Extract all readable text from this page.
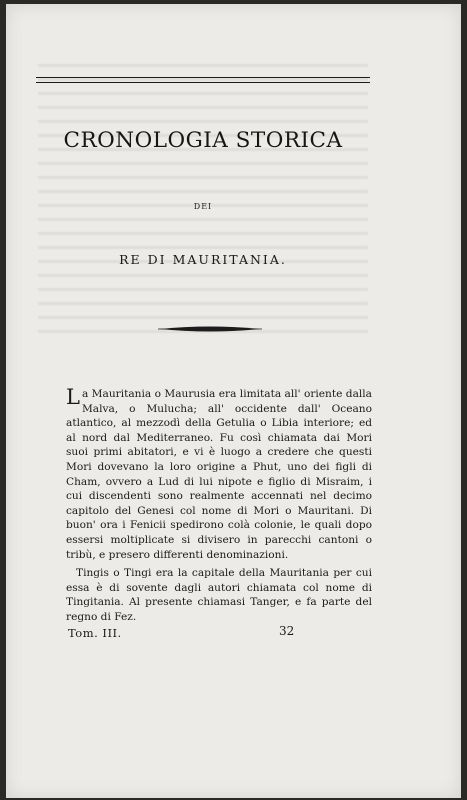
CRONOLOGIA STORICA
DEI
RE DI MAURITANIA.

La Mauritania o Maurusia era limitata all' oriente dalla Malva, o Mulucha; all' occidente dall' Oceano atlantico, al mezzodì della Getulia o Libia interiore; ed al nord dal Mediterraneo. Fu così chiamata dai Mori suoi primi abitatori, e vi è luogo a credere che questi Mori dovevano la loro origine a Phut, uno dei figli di Cham, ovvero a Lud di lui nipote e figlio di Misraim, i cui discendenti sono realmente accennati nel decimo capitolo del Genesi col nome di Mori o Mauritani. Di buon' ora i Fenicii spedirono colà colonie, le quali dopo essersi moltiplicate si divisero in parecchi cantoni o tribù, e presero differenti denominazioni.

Tingis o Tingi era la capitale della Mauritania per cui essa è di sovente dagli autori chiamata col nome di Tingitania. Al presente chiamasi Tanger, e fa parte del regno di Fez.

Tom. III.	32
